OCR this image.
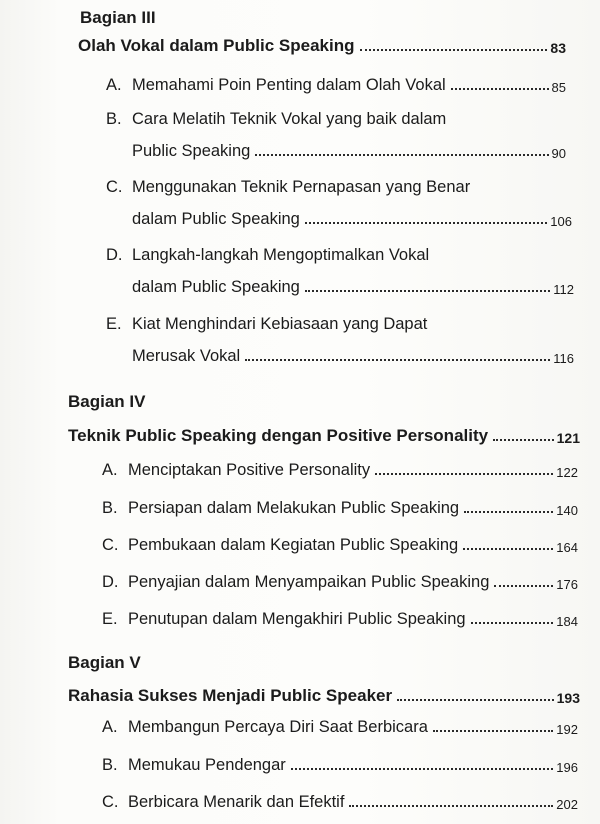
Bagian III
Olah Vokal dalam Public Speaking	83
A. Memahami Poin Penting dalam Olah Vokal	85
B. Cara Melatih Teknik Vokal yang baik dalam
Public Speaking	90
C. Menggunakan Teknik Pernapasan yang Benar
dalam Public Speaking	106
D. Langkah-langkah Mengoptimalkan Vokal
dalam Public Speaking	112
E. Kiat Menghindari Kebiasaan yang Dapat
Merusak Vokal	116
Bagian IV
Teknik Public Speaking dengan Positive Personality	121
A. Menciptakan Positive Personality	122
B. Persiapan dalam Melakukan Public Speaking	140
C. Pembukaan dalam Kegiatan Public Speaking	164
D. Penyajian dalam Menyampaikan Public Speaking	176
E. Penutupan dalam Mengakhiri Public Speaking	184
Bagian V
Rahasia Sukses Menjadi Public Speaker	193
A. Membangun Percaya Diri Saat Berbicara	192
B. Memukau Pendengar	196
C. Berbicara Menarik dan Efektif	202
